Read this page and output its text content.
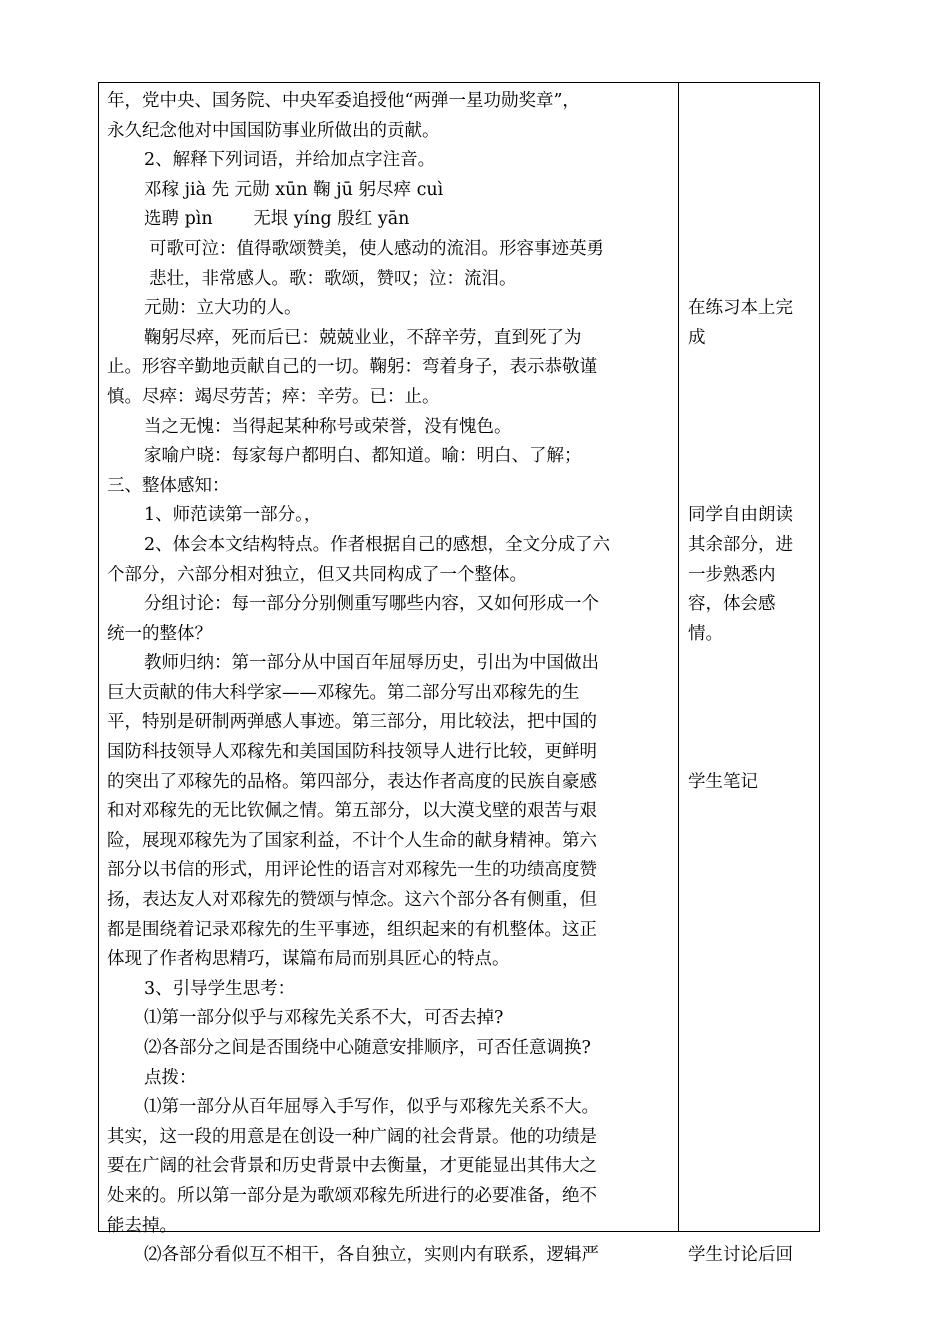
年，党中央、国务院、中央军委追授他“两弹一星功勋奖章”，
永久纪念他对中国国防事业所做出的贡献。
2、解释下列词语，并给加点字注音。
邓稼 jià 先 元勋 xūn 鞠 jū 躬尽瘁 cuì
选聘 pìn　　 无垠 yíng 殷红 yān
可歌可泣：值得歌颂赞美，使人感动的流泪。形容事迹英勇
悲壮，非常感人。歌：歌颂，赞叹；泣：流泪。
元勋：立大功的人。
鞠躬尽瘁，死而后已：兢兢业业，不辞辛劳，直到死了为
止。形容辛勤地贡献自己的一切。鞠躬：弯着身子，表示恭敬谨
慎。尽瘁：竭尽劳苦；瘁：辛劳。已：止。
当之无愧：当得起某种称号或荣誉，没有愧色。
家喻户晓：每家每户都明白、都知道。喻：明白、了解；
三、整体感知：
1、师范读第一部分。，
2、体会本文结构特点。作者根据自己的感想，全文分成了六
个部分，六部分相对独立，但又共同构成了一个整体。
分组讨论：每一部分分别侧重写哪些内容，又如何形成一个
统一的整体？
教师归纳：第一部分从中国百年屈辱历史，引出为中国做出
巨大贡献的伟大科学家——邓稼先。第二部分写出邓稼先的生
平，特别是研制两弹感人事迹。第三部分，用比较法，把中国的
国防科技领导人邓稼先和美国国防科技领导人进行比较，更鲜明
的突出了邓稼先的品格。第四部分，表达作者高度的民族自豪感
和对邓稼先的无比钦佩之情。第五部分，以大漠戈壁的艰苦与艰
险，展现邓稼先为了国家利益，不计个人生命的献身精神。第六
部分以书信的形式，用评论性的语言对邓稼先一生的功绩高度赞
扬，表达友人对邓稼先的赞颂与悼念。这六个部分各有侧重，但
都是围绕着记录邓稼先的生平事迹，组织起来的有机整体。这正
体现了作者构思精巧，谋篇布局而别具匠心的特点。
3、引导学生思考：
⑴第一部分似乎与邓稼先关系不大，可否去掉?
⑵各部分之间是否围绕中心随意安排顺序，可否任意调换?
点拨：
⑴第一部分从百年屈辱入手写作，似乎与邓稼先关系不大。
其实，这一段的用意是在创设一种广阔的社会背景。他的功绩是
要在广阔的社会背景和历史背景中去衡量，才更能显出其伟大之
处来的。所以第一部分是为歌颂邓稼先所进行的必要准备，绝不
能去掉。
⑵各部分看似互不相干，各自独立，实则内有联系，逻辑严
在练习本上完
成
同学自由朗读
其余部分，进
一步熟悉内
容，体会感
情。
学生笔记
学生讨论后回
